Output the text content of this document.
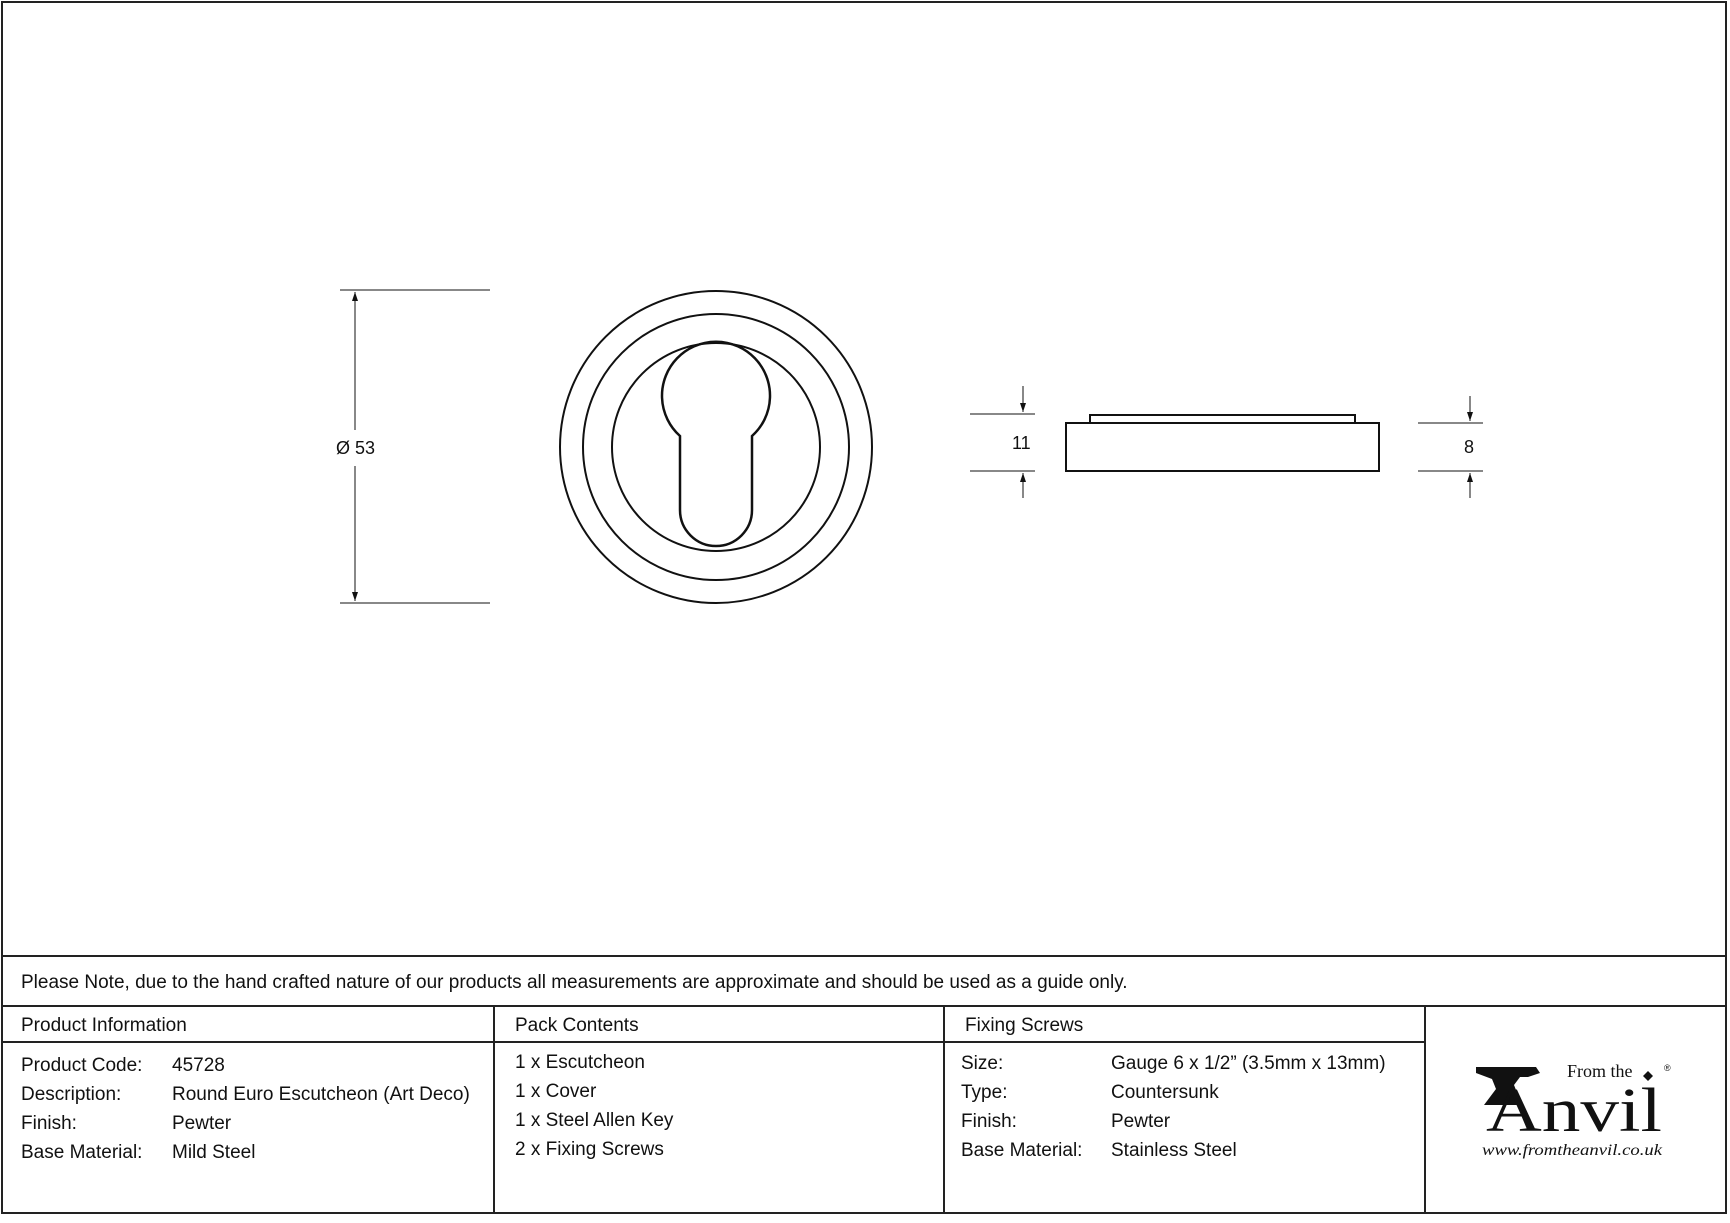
Ø 53	11	8
Please Note, due to the hand crafted nature of our products all measurements are approximate and should be used as a guide only.
Product Information
Product Code: 45728
Description:	Round Euro Escutcheon (Art Deco)
Finish:	Pewter
Base Material: Mild Steel
Pack Contents
1 x Escutcheon
1 x Cover
1 x Steel Allen Key
2 x Fixing Screws
Fixing Screws
Size:	Gauge 6 x 1/2” (3.5mm x 13mm)
Type:	Countersunk
Finish:	Pewter
Base Material: Stainless Steel
From the
Anvil
www.fromtheanvil.co.uk
®
